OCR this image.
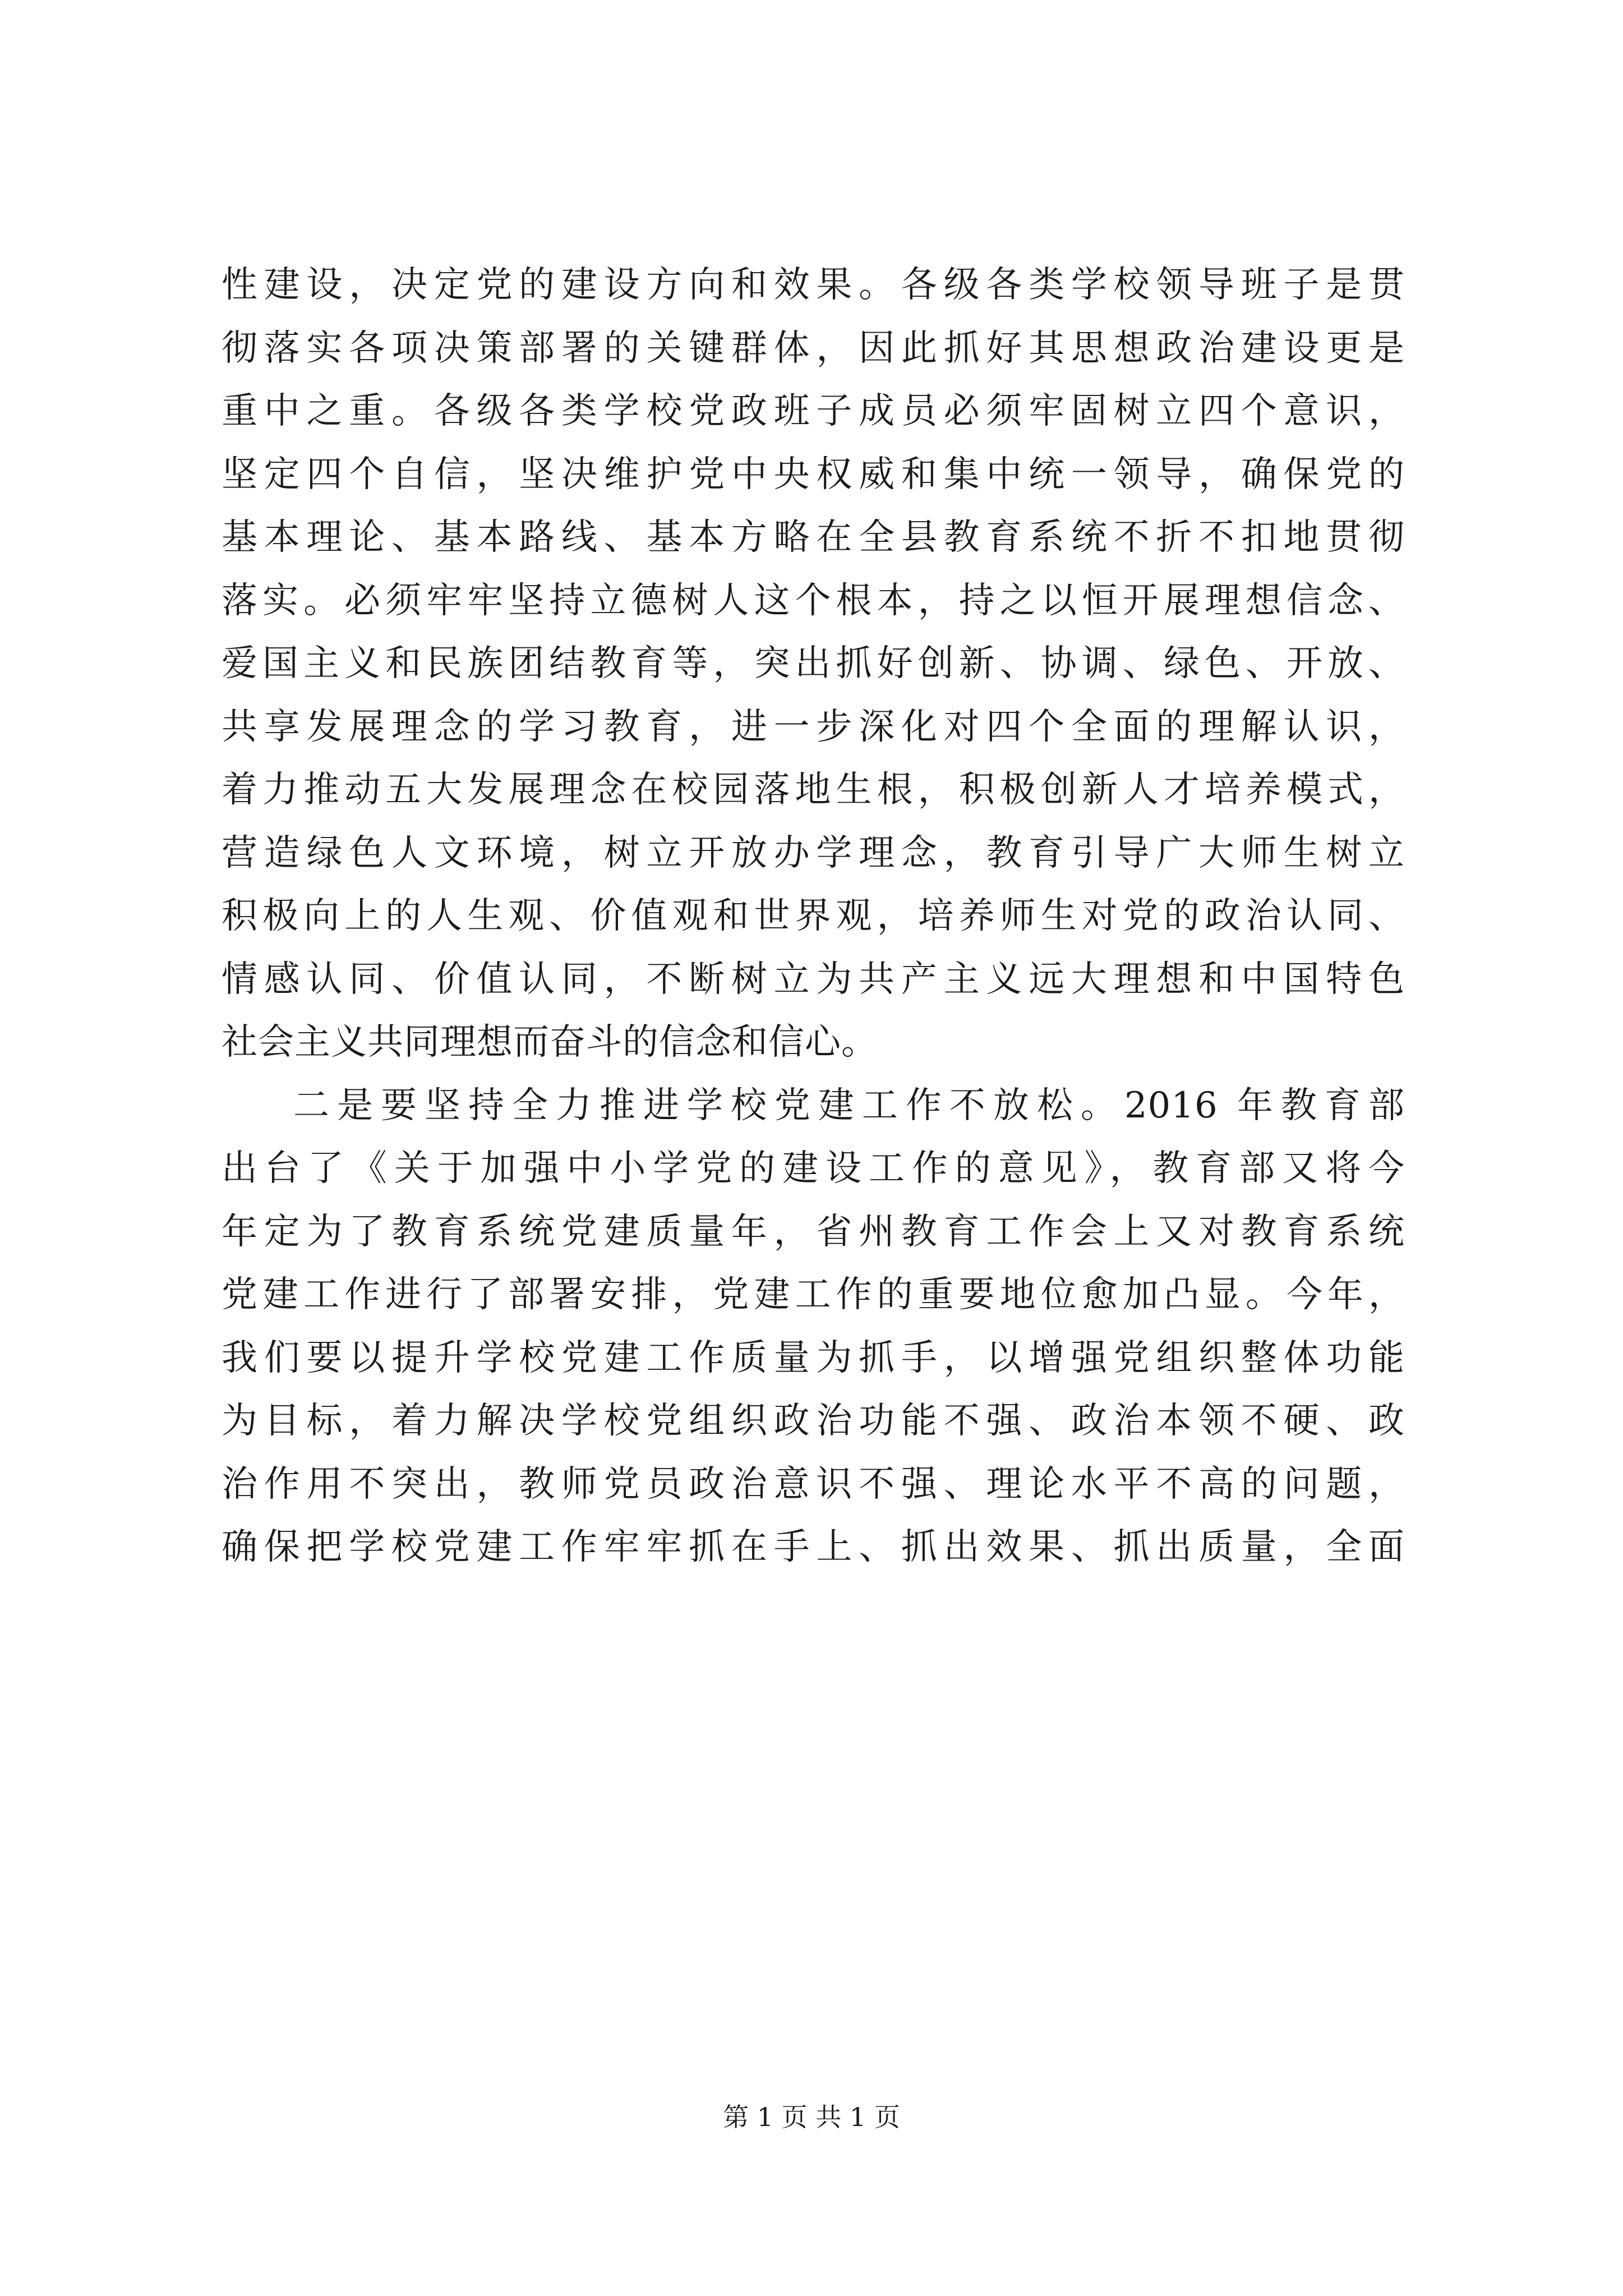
性建设，决定党的建设方向和效果。各级各类学校领导班子是贯
彻落实各项决策部署的关键群体，因此抓好其思想政治建设更是
重中之重。各级各类学校党政班子成员必须牢固树立四个意识，
坚定四个自信，坚决维护党中央权威和集中统一领导，确保党的
基本理论、基本路线、基本方略在全县教育系统不折不扣地贯彻
落实。必须牢牢坚持立德树人这个根本，持之以恒开展理想信念、
爱国主义和民族团结教育等，突出抓好创新、协调、绿色、开放、
共享发展理念的学习教育，进一步深化对四个全面的理解认识，
着力推动五大发展理念在校园落地生根，积极创新人才培养模式，
营造绿色人文环境，树立开放办学理念，教育引导广大师生树立
积极向上的人生观、价值观和世界观，培养师生对党的政治认同、
情感认同、价值认同，不断树立为共产主义远大理想和中国特色
社会主义共同理想而奋斗的信念和信心。
二是要坚持全力推进学校党建工作不放松。2016 年教育部
出台了《关于加强中小学党的建设工作的意见》，教育部又将今
年定为了教育系统党建质量年，省州教育工作会上又对教育系统
党建工作进行了部署安排，党建工作的重要地位愈加凸显。今年，
我们要以提升学校党建工作质量为抓手，以增强党组织整体功能
为目标，着力解决学校党组织政治功能不强、政治本领不硬、政
治作用不突出，教师党员政治意识不强、理论水平不高的问题，
确保把学校党建工作牢牢抓在手上、抓出效果、抓出质量，全面
第 1 页 共 1 页
